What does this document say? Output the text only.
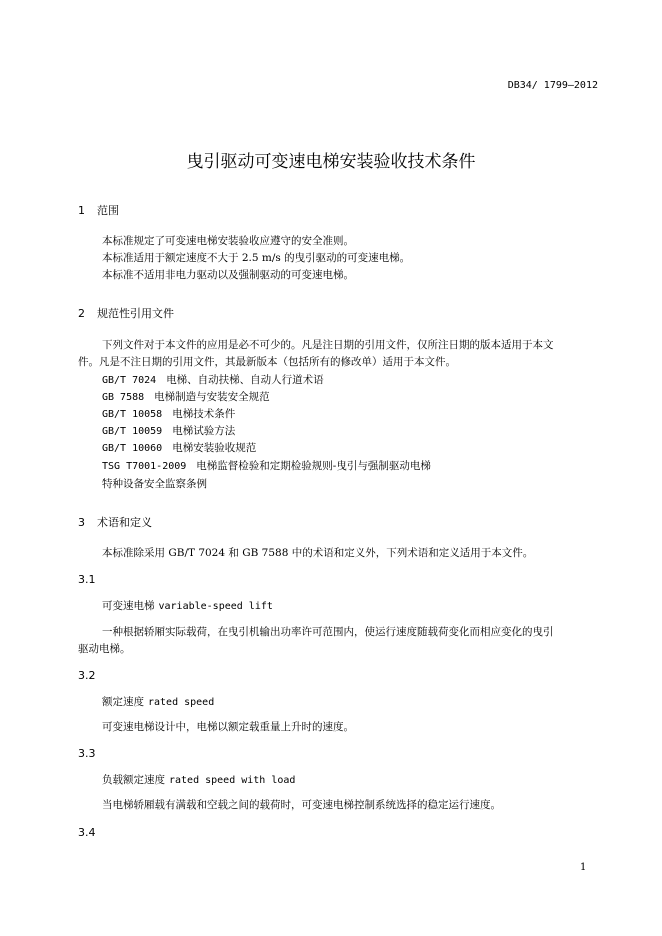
DB34/ 1799—2012
曳引驱动可变速电梯安装验收技术条件
1 范围
本标准规定了可变速电梯安装验收应遵守的安全准则。
本标准适用于额定速度不大于 2.5 m/s 的曳引驱动的可变速电梯。
本标准不适用非电力驱动以及强制驱动的可变速电梯。
2 规范性引用文件
下列文件对于本文件的应用是必不可少的。凡是注日期的引用文件，仅所注日期的版本适用于本文
件。凡是不注日期的引用文件，其最新版本（包括所有的修改单）适用于本文件。
GB/T 7024 电梯、自动扶梯、自动人行道术语
GB 7588 电梯制造与安装安全规范
GB/T 10058 电梯技术条件
GB/T 10059 电梯试验方法
GB/T 10060 电梯安装验收规范
TSG T7001-2009 电梯监督检验和定期检验规则-曳引与强制驱动电梯
特种设备安全监察条例
3 术语和定义
本标准除采用 GB/T 7024 和 GB 7588 中的术语和定义外，下列术语和定义适用于本文件。
3.1
可变速电梯 variable-speed lift
一种根据轿厢实际载荷，在曳引机输出功率许可范围内，使运行速度随载荷变化而相应变化的曳引
驱动电梯。
3.2
额定速度 rated speed
可变速电梯设计中，电梯以额定载重量上升时的速度。
3.3
负载额定速度 rated speed with load
当电梯轿厢载有满载和空载之间的载荷时，可变速电梯控制系统选择的稳定运行速度。
3.4
1
